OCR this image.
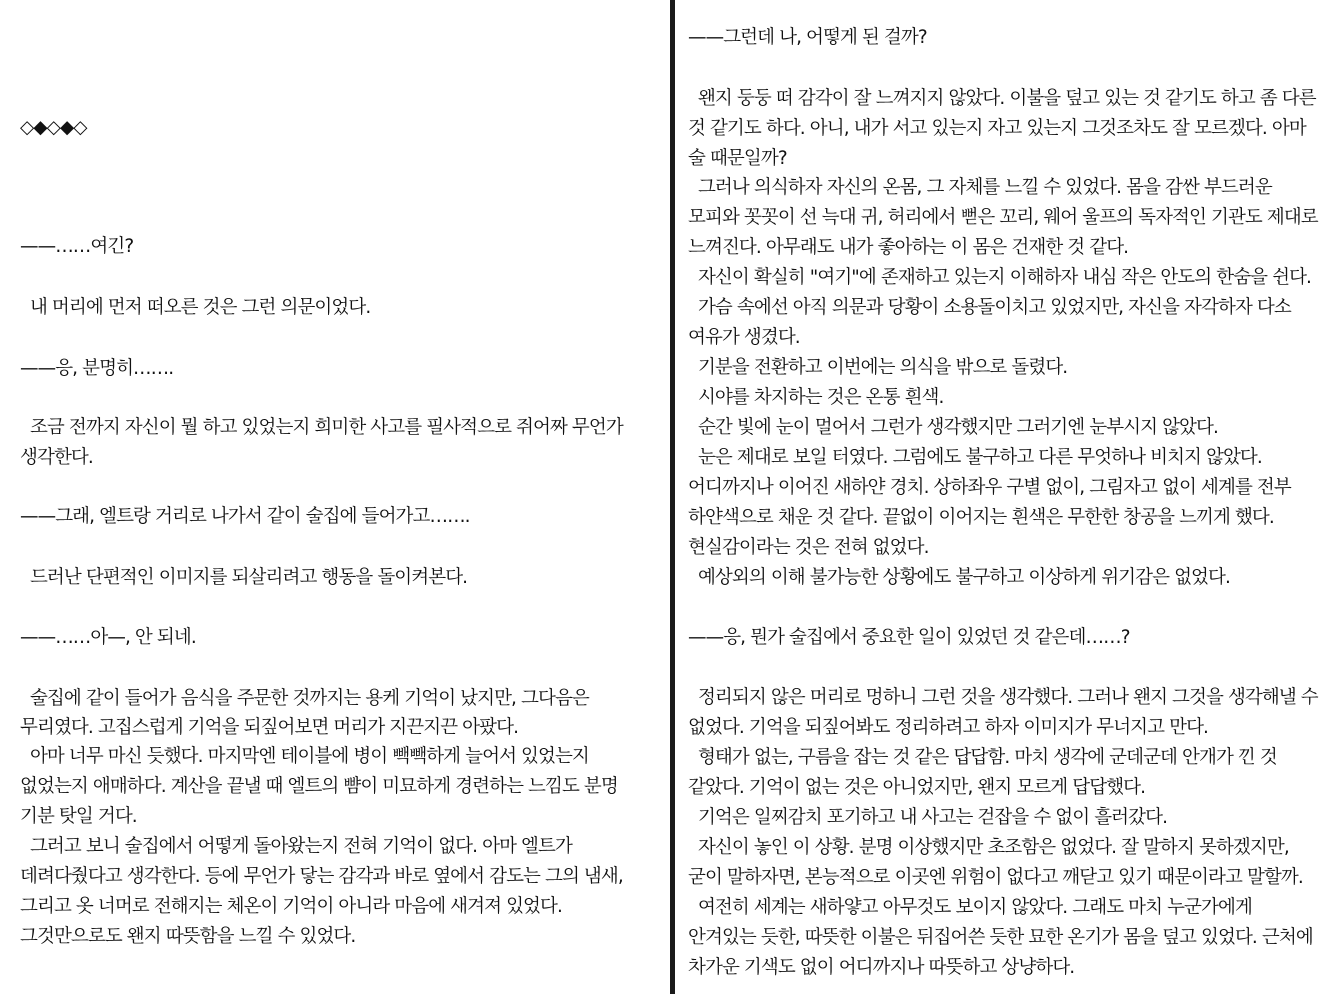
◇◆◇◆◇
——……여긴?
내 머리에 먼저 떠오른 것은 그런 의문이었다.
——응, 분명히…….
조금 전까지 자신이 뭘 하고 있었는지 희미한 사고를 필사적으로 쥐어짜 무언가
생각한다.
——그래, 엘트랑 거리로 나가서 같이 술집에 들어가고…….
드러난 단편적인 이미지를 되살리려고 행동을 돌이켜본다.
——……아—, 안 되네.
술집에 같이 들어가 음식을 주문한 것까지는 용케 기억이 났지만, 그다음은
무리였다. 고집스럽게 기억을 되짚어보면 머리가 지끈지끈 아팠다.
아마 너무 마신 듯했다. 마지막엔 테이블에 병이 빽빽하게 늘어서 있었는지
없었는지 애매하다. 계산을 끝낼 때 엘트의 뺨이 미묘하게 경련하는 느낌도 분명
기분 탓일 거다.
그러고 보니 술집에서 어떻게 돌아왔는지 전혀 기억이 없다. 아마 엘트가
데려다줬다고 생각한다. 등에 무언가 닿는 감각과 바로 옆에서 감도는 그의 냄새,
그리고 옷 너머로 전해지는 체온이 기억이 아니라 마음에 새겨져 있었다.
그것만으로도 왠지 따뜻함을 느낄 수 있었다.
——그런데 나, 어떻게 된 걸까?
왠지 둥둥 떠 감각이 잘 느껴지지 않았다. 이불을 덮고 있는 것 같기도 하고 좀 다른
것 같기도 하다. 아니, 내가 서고 있는지 자고 있는지 그것조차도 잘 모르겠다. 아마
술 때문일까?
그러나 의식하자 자신의 온몸, 그 자체를 느낄 수 있었다. 몸을 감싼 부드러운
모피와 꼿꼿이 선 늑대 귀, 허리에서 뻗은 꼬리, 웨어 울프의 독자적인 기관도 제대로
느껴진다. 아무래도 내가 좋아하는 이 몸은 건재한 것 같다.
자신이 확실히 "여기"에 존재하고 있는지 이해하자 내심 작은 안도의 한숨을 쉰다.
가슴 속에선 아직 의문과 당황이 소용돌이치고 있었지만, 자신을 자각하자 다소
여유가 생겼다.
기분을 전환하고 이번에는 의식을 밖으로 돌렸다.
시야를 차지하는 것은 온통 흰색.
순간 빛에 눈이 멀어서 그런가 생각했지만 그러기엔 눈부시지 않았다.
눈은 제대로 보일 터였다. 그럼에도 불구하고 다른 무엇하나 비치지 않았다.
어디까지나 이어진 새하얀 경치. 상하좌우 구별 없이, 그림자고 없이 세계를 전부
하얀색으로 채운 것 같다. 끝없이 이어지는 흰색은 무한한 창공을 느끼게 했다.
현실감이라는 것은 전혀 없었다.
예상외의 이해 불가능한 상황에도 불구하고 이상하게 위기감은 없었다.
——응, 뭔가 술집에서 중요한 일이 있었던 것 같은데……?
정리되지 않은 머리로 멍하니 그런 것을 생각했다. 그러나 왠지 그것을 생각해낼 수
없었다. 기억을 되짚어봐도 정리하려고 하자 이미지가 무너지고 만다.
형태가 없는, 구름을 잡는 것 같은 답답함. 마치 생각에 군데군데 안개가 낀 것
같았다. 기억이 없는 것은 아니었지만, 왠지 모르게 답답했다.
기억은 일찌감치 포기하고 내 사고는 걷잡을 수 없이 흘러갔다.
자신이 놓인 이 상황. 분명 이상했지만 초조함은 없었다. 잘 말하지 못하겠지만,
굳이 말하자면, 본능적으로 이곳엔 위험이 없다고 깨닫고 있기 때문이라고 말할까.
여전히 세계는 새하얗고 아무것도 보이지 않았다. 그래도 마치 누군가에게
안겨있는 듯한, 따뜻한 이불은 뒤집어쓴 듯한 묘한 온기가 몸을 덮고 있었다. 근처에
차가운 기색도 없이 어디까지나 따뜻하고 상냥하다.
